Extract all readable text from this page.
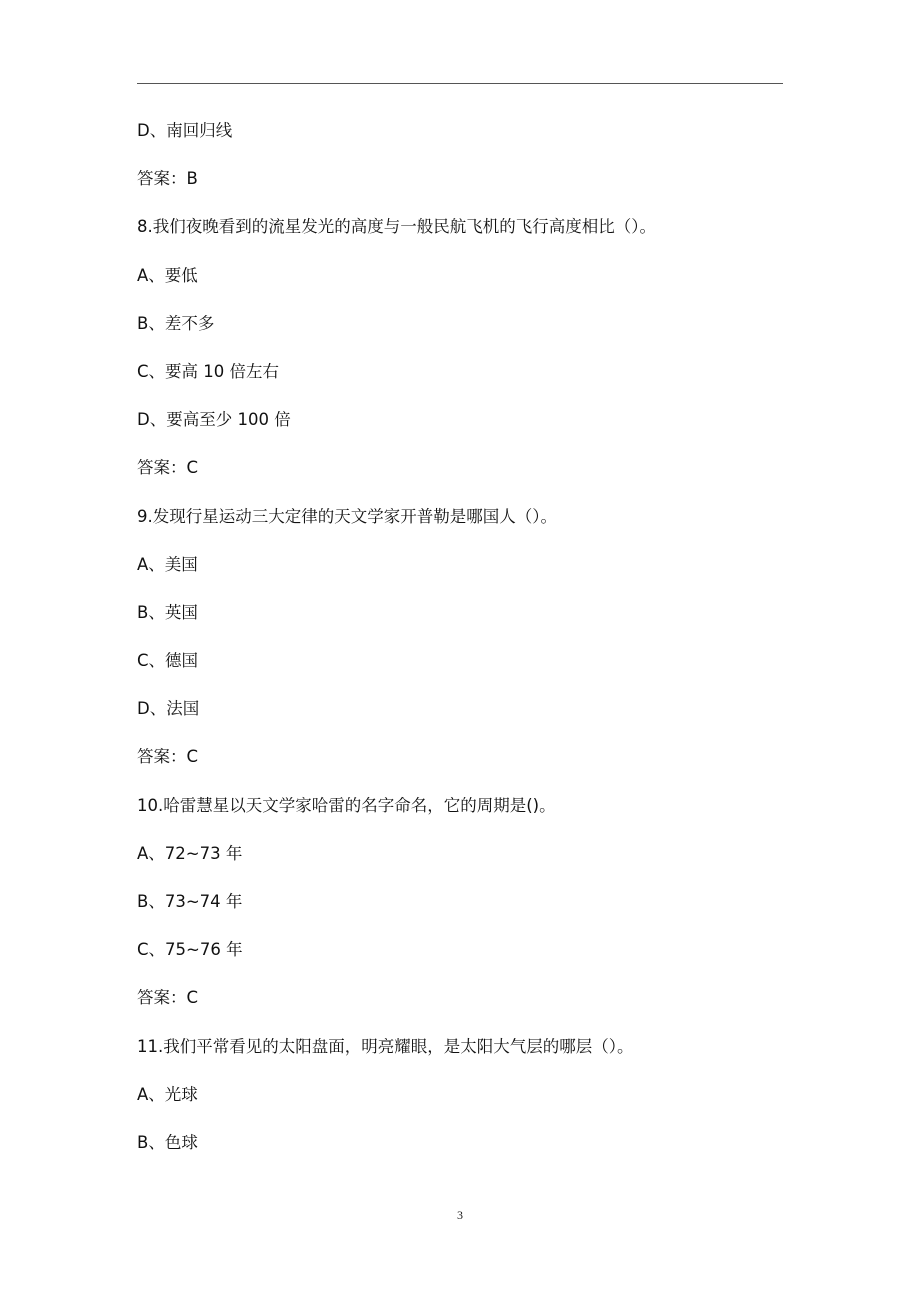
D、南回归线
答案：B
8.我们夜晚看到的流星发光的高度与一般民航飞机的飞行高度相比（）。
A、要低
B、差不多
C、要高 10 倍左右
D、要高至少 100 倍
答案：C
9.发现行星运动三大定律的天文学家开普勒是哪国人（）。
A、美国
B、英国
C、德国
D、法国
答案：C
10.哈雷慧星以天文学家哈雷的名字命名，它的周期是()。
A、72~73 年
B、73~74 年
C、75~76 年
答案：C
11.我们平常看见的太阳盘面，明亮耀眼，是太阳大气层的哪层（）。
A、光球
B、色球
3
